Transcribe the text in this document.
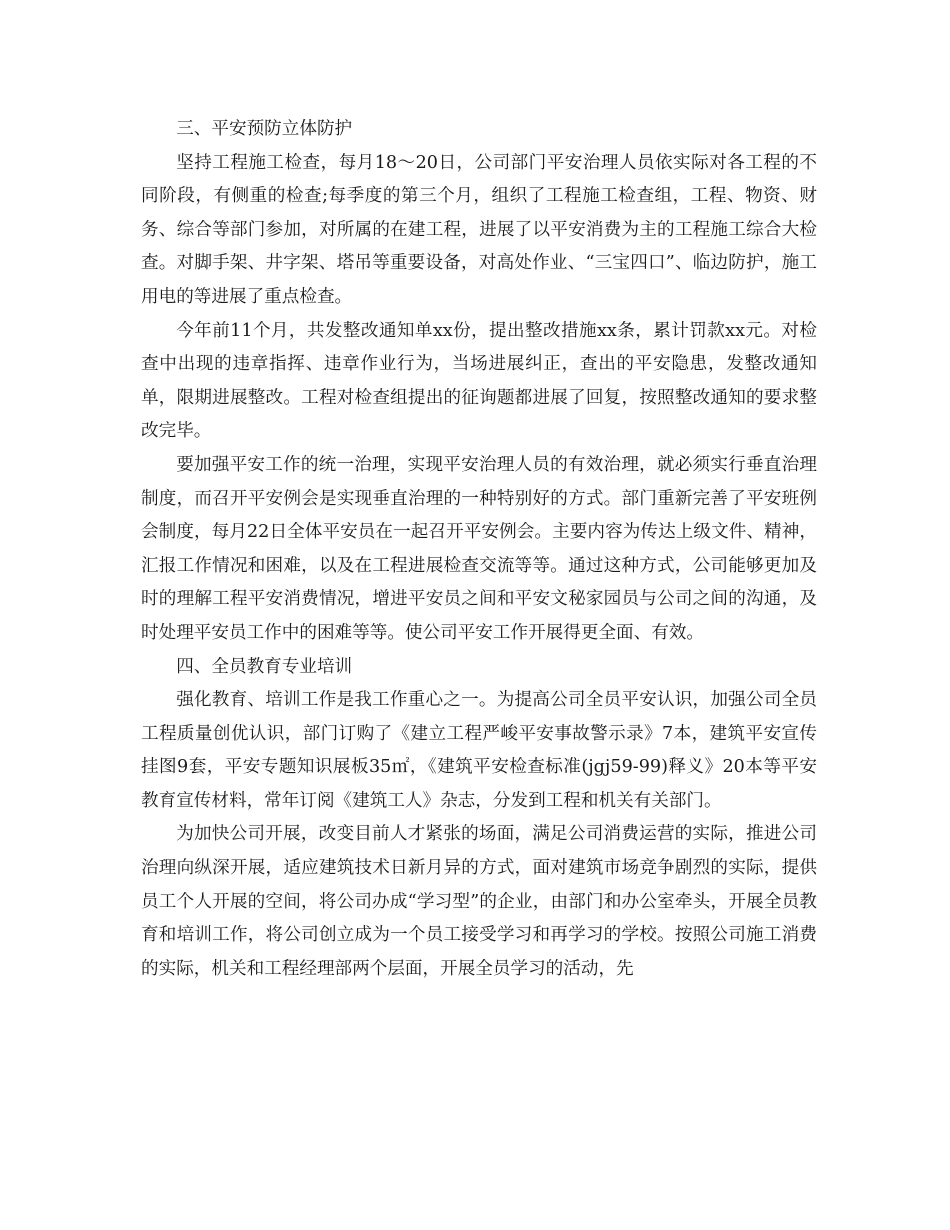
三、平安预防立体防护

坚持工程施工检查，每月18～20日，公司部门平安治理人员依实际对各工程的不同阶段，有侧重的检查;每季度的第三个月，组织了工程施工检查组，工程、物资、财务、综合等部门参加，对所属的在建工程，进展了以平安消费为主的工程施工综合大检查。对脚手架、井字架、塔吊等重要设备，对高处作业、“三宝四口”、临边防护，施工用电的等进展了重点检查。

今年前11个月，共发整改通知单xx份，提出整改措施xx条，累计罚款xx元。对检查中出现的违章指挥、违章作业行为，当场进展纠正，查出的平安隐患，发整改通知单，限期进展整改。工程对检查组提出的征询题都进展了回复，按照整改通知的要求整改完毕。

要加强平安工作的统一治理，实现平安治理人员的有效治理，就必须实行垂直治理制度，而召开平安例会是实现垂直治理的一种特别好的方式。部门重新完善了平安班例会制度，每月22日全体平安员在一起召开平安例会。主要内容为传达上级文件、精神，汇报工作情况和困难，以及在工程进展检查交流等等。通过这种方式，公司能够更加及时的理解工程平安消费情况，增进平安员之间和平安文秘家园员与公司之间的沟通，及时处理平安员工作中的困难等等。使公司平安工作开展得更全面、有效。

四、全员教育专业培训

强化教育、培训工作是我工作重心之一。为提高公司全员平安认识，加强公司全员工程质量创优认识，部门订购了《建立工程严峻平安事故警示录》7本，建筑平安宣传挂图9套，平安专题知识展板35㎡，《建筑平安检查标准(jgj59-99)释义》20本等平安教育宣传材料，常年订阅《建筑工人》杂志，分发到工程和机关有关部门。

为加快公司开展，改变目前人才紧张的场面，满足公司消费运营的实际，推进公司治理向纵深开展，适应建筑技术日新月异的方式，面对建筑市场竞争剧烈的实际，提供员工个人开展的空间，将公司办成“学习型”的企业，由部门和办公室牵头，开展全员教育和培训工作，将公司创立成为一个员工接受学习和再学习的学校。按照公司施工消费的实际，机关和工程经理部两个层面，开展全员学习的活动，先
